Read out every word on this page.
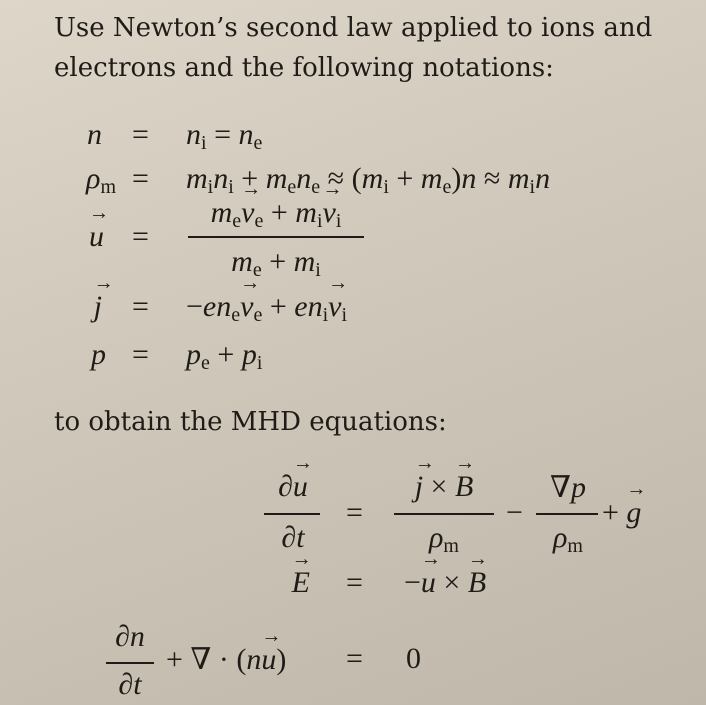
Use Newton’s second law applied to ions and

electrons and the following notations:

$n = n_i = n_e$
$\rho_m = m_in_i + m_en_e \approx (m_i + m_e)n \approx m_in$
→ u =
$m_e\to v_e + m_i\to v_i$
$m_e + m_i$
→ $j = -en_e\to v_e + en_i\to v_i$
$p = p_e + p_i$

to obtain the MHD equations:

∂→ u
∂t
=
→ j × → B
$\rho_m$
−
∇p
$\rho_m$
+ → g
→ E = −→ u × → B
∂n
∂t
+ ∇ · (n→ u) = 0
